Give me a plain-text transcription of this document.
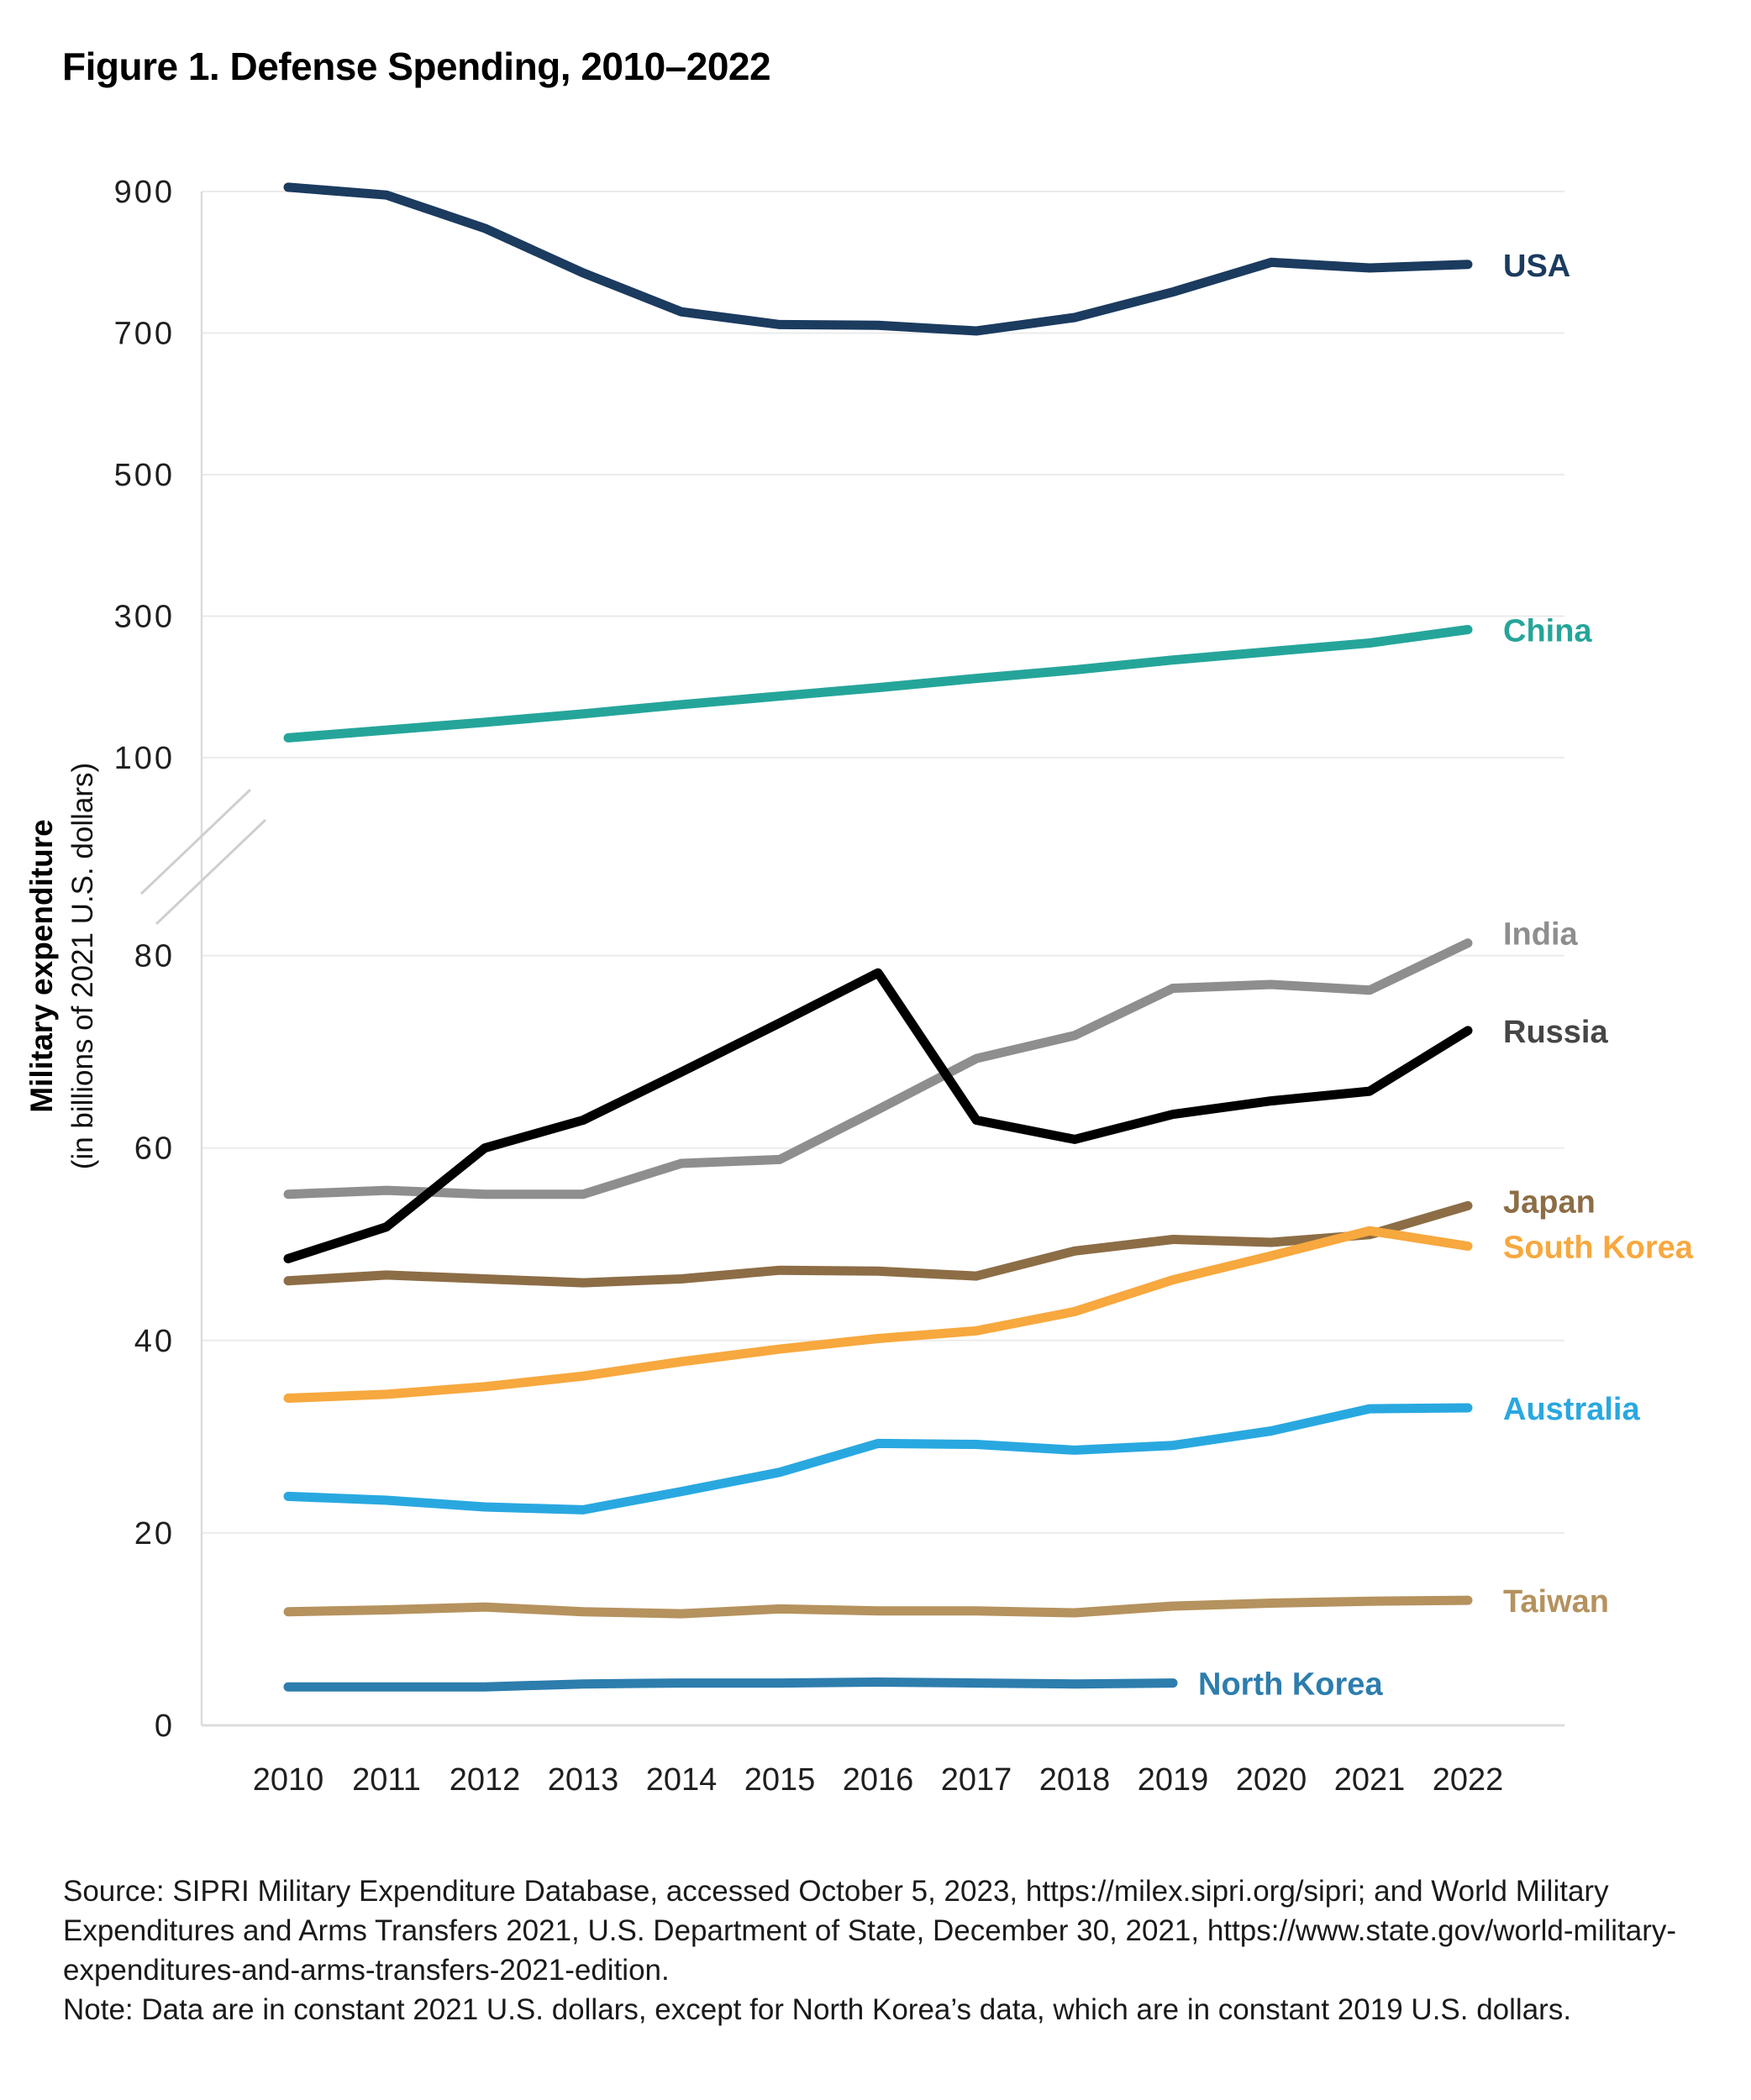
Figure 1. Defense Spending, 2010–2022
USA
China
India
Russia
Japan
South Korea
Australia
Taiwan
North Korea
900
700
500
300
100
80
60
40
20
0
2010 2011 2012 2013 2014 2015 2016 2017 2018 2019 2020 2021 2022
Military expenditure (in billions of 2021 U.S. dollars)
Source: SIPRI Military Expenditure Database, accessed October 5, 2023, https://milex.sipri.org/sipri; and World Military
Expenditures and Arms Transfers 2021, U.S. Department of State, December 30, 2021, https://www.state.gov/world-military-
expenditures-and-arms-transfers-2021-edition.
Note: Data are in constant 2021 U.S. dollars, except for North Korea’s data, which are in constant 2019 U.S. dollars.
